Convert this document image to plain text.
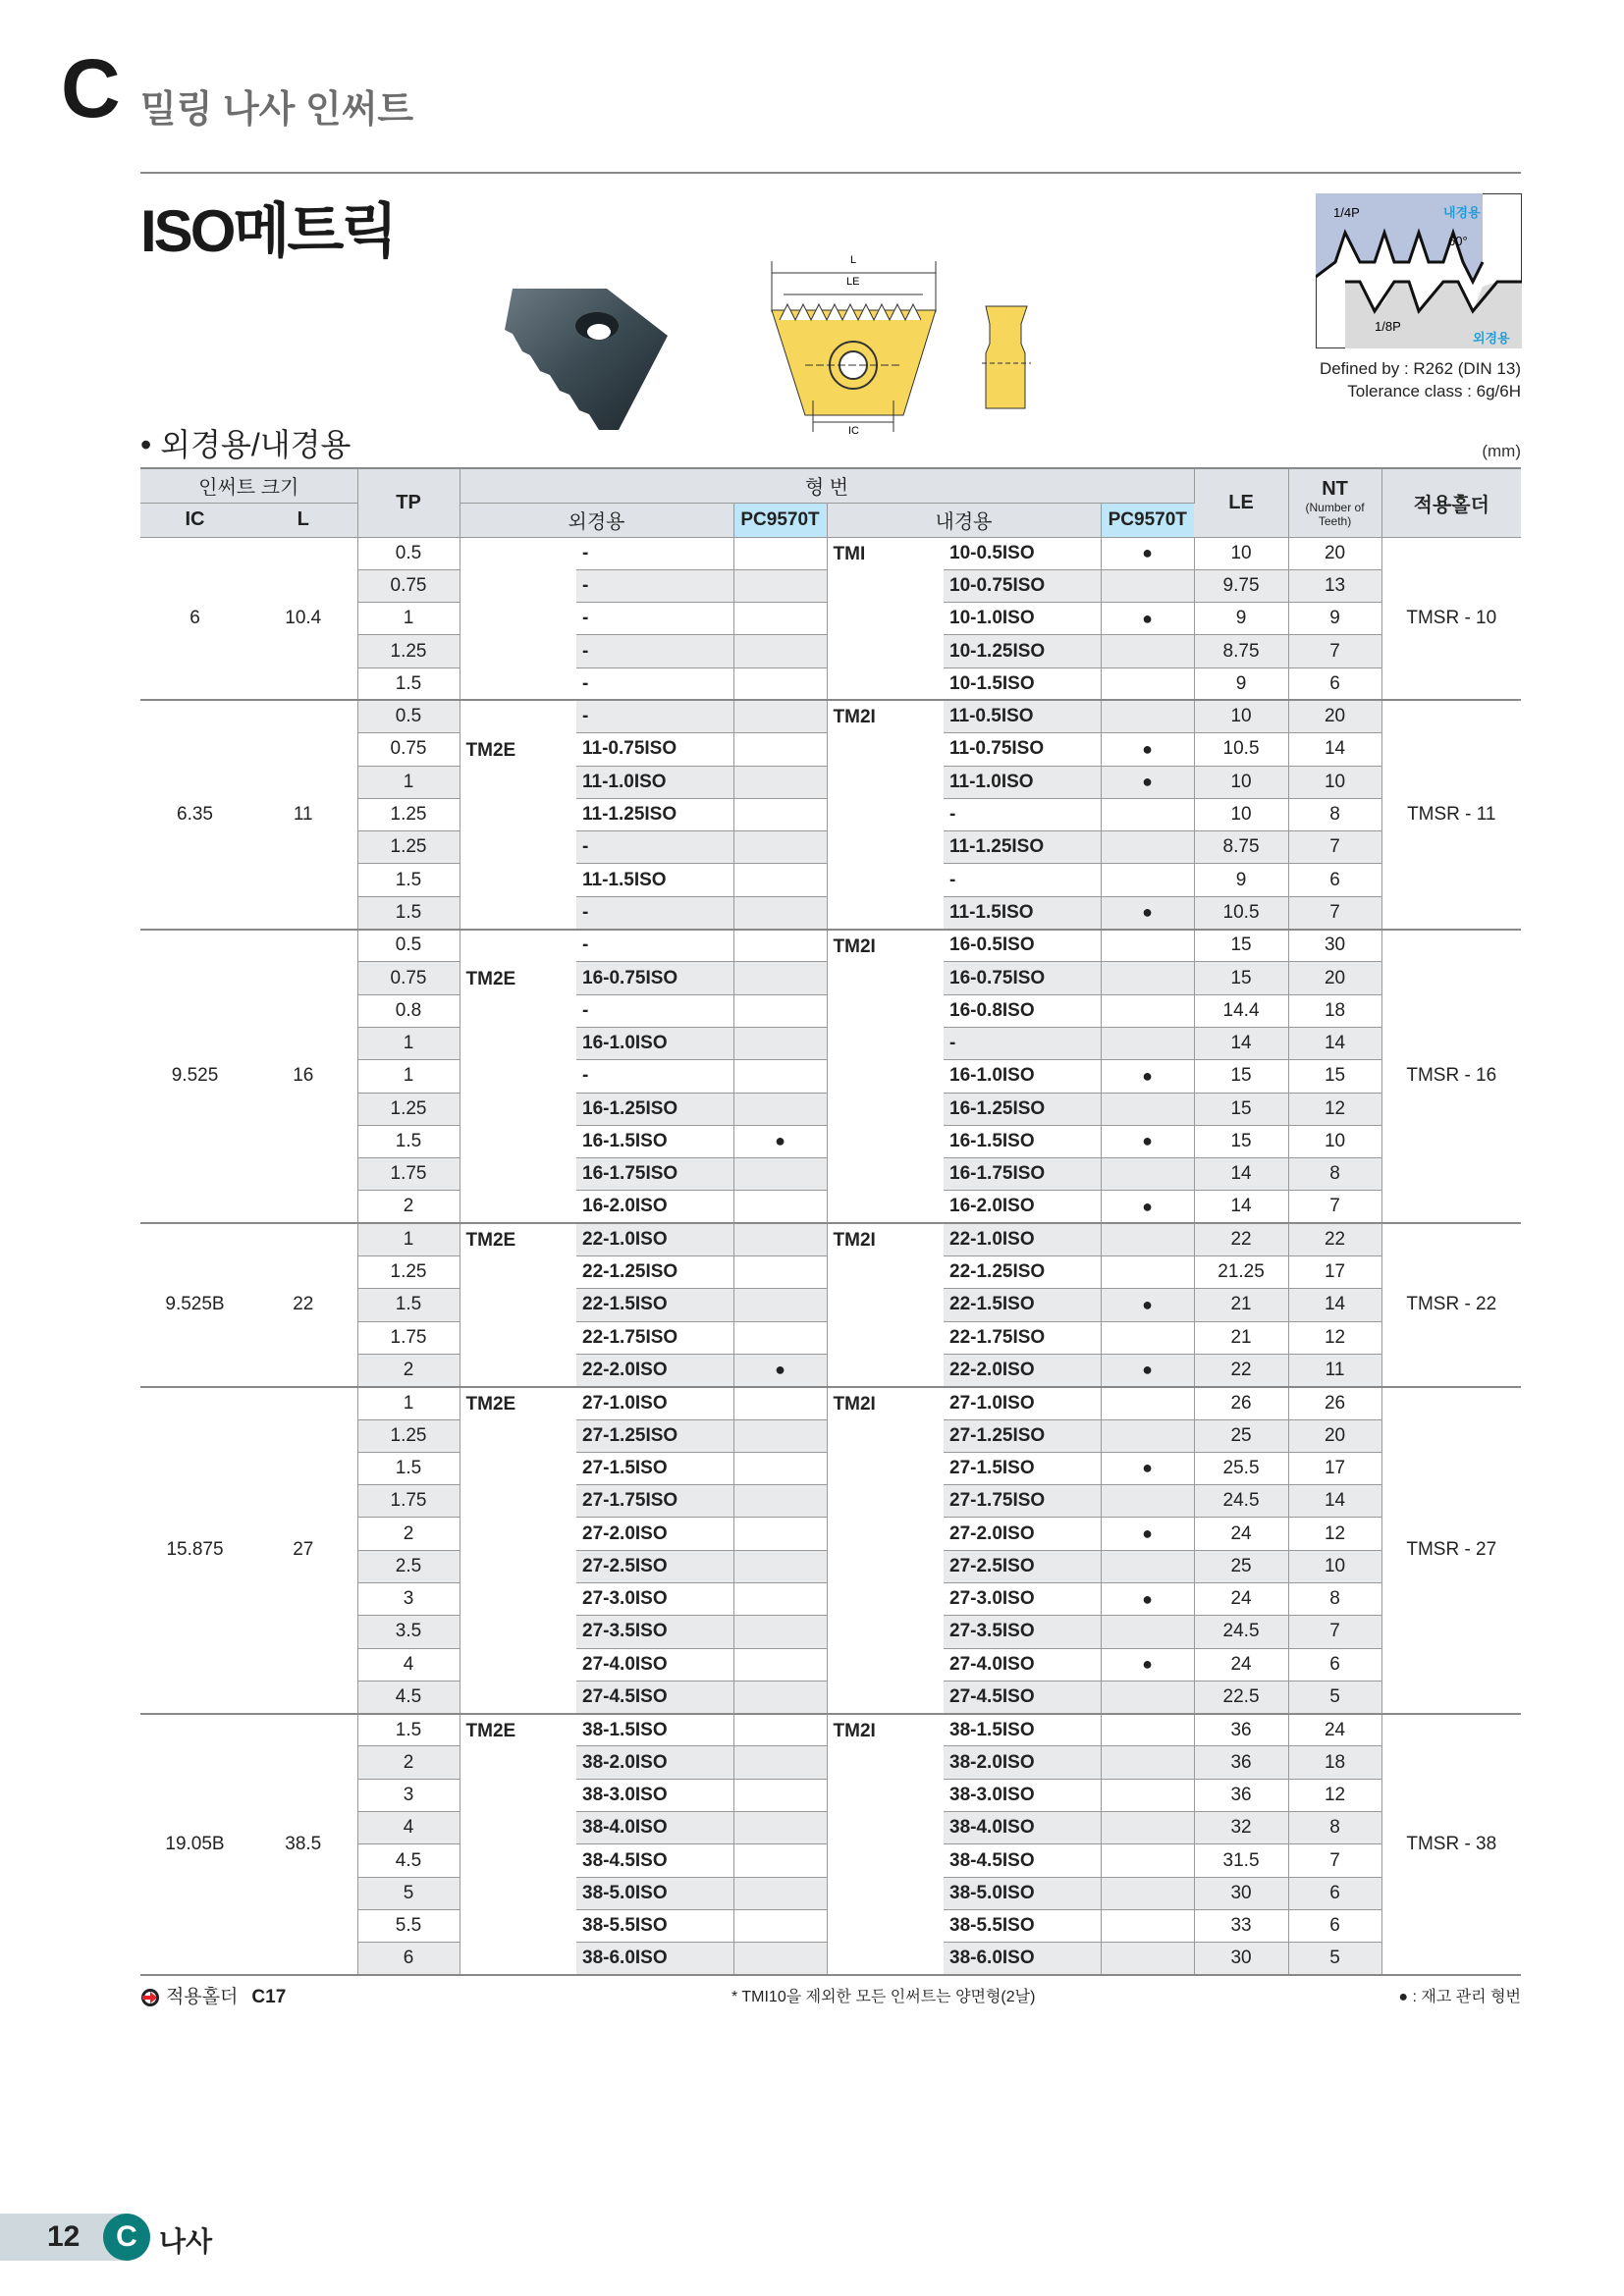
C 밀링 나사 인써트
ISO메트릭	L
LE
IC
1/4P	내경용
60°
1/8P
외경용
Defined by : R262 (DIN 13)
Tolerance class : 6g/6H
• 외경용/내경용	(mm)
인써트 크기		TP	형 번						LE	NT
(Number of Teeth)	적용홀더
IC	L		외경용		PC9570T	내경용		PC9570T			
6	10.4	0.5		-		TMI	10-0.5ISO	●	10	20	TMSR - 10
		0.75		-			10-0.75ISO		9.75	13	
		1		-			10-1.0ISO	●	9	9	
		1.25		-			10-1.25ISO		8.75	7	
		1.5		-			10-1.5ISO		9	6	
6.35	11	0.5	TM2E	-		TM2I	11-0.5ISO		10	20	TMSR - 11
		0.75		11-0.75ISO			11-0.75ISO	●	10.5	14	
		1		11-1.0ISO			11-1.0ISO	●	10	10	
		1.25		11-1.25ISO			-		10	8	
		1.25		-			11-1.25ISO		8.75	7	
		1.5		11-1.5ISO			-		9	6	
		1.5		-			11-1.5ISO	●	10.5	7	
9.525	16	0.5	TM2E	-		TM2I	16-0.5ISO		15	30	TMSR - 16
		0.75		16-0.75ISO			16-0.75ISO		15	20	
		0.8		-			16-0.8ISO		14.4	18	
		1		16-1.0ISO			-		14	14	
		1		-			16-1.0ISO	●	15	15	
		1.25		16-1.25ISO			16-1.25ISO		15	12	
		1.5		16-1.5ISO	●		16-1.5ISO	●	15	10	
		1.75		16-1.75ISO			16-1.75ISO		14	8	
		2		16-2.0ISO			16-2.0ISO	●	14	7	
9.525B	22	1	TM2E	22-1.0ISO		TM2I	22-1.0ISO		22	22	TMSR - 22
		1.25		22-1.25ISO			22-1.25ISO		21.25	17	
		1.5		22-1.5ISO			22-1.5ISO	●	21	14	
		1.75		22-1.75ISO			22-1.75ISO		21	12	
		2		22-2.0ISO	●		22-2.0ISO	●	22	11	
15.875	27	1	TM2E	27-1.0ISO		TM2I	27-1.0ISO		26	26	TMSR - 27
		1.25		27-1.25ISO			27-1.25ISO		25	20	
		1.5		27-1.5ISO			27-1.5ISO	●	25.5	17	
		1.75		27-1.75ISO			27-1.75ISO		24.5	14	
		2		27-2.0ISO			27-2.0ISO	●	24	12	
		2.5		27-2.5ISO			27-2.5ISO		25	10	
		3		27-3.0ISO			27-3.0ISO	●	24	8	
		3.5		27-3.5ISO			27-3.5ISO		24.5	7	
		4		27-4.0ISO			27-4.0ISO	●	24	6	
		4.5		27-4.5ISO			27-4.5ISO		22.5	5	
19.05B	38.5	1.5	TM2E	38-1.5ISO		TM2I	38-1.5ISO		36	24	TMSR - 38
		2		38-2.0ISO			38-2.0ISO		36	18	
		3		38-3.0ISO			38-3.0ISO		36	12	
		4		38-4.0ISO			38-4.0ISO		32	8	
		4.5		38-4.5ISO			38-4.5ISO		31.5	7	
		5		38-5.0ISO			38-5.0ISO		30	6	
		5.5		38-5.5ISO			38-5.5ISO		33	6	
		6		38-6.0ISO			38-6.0ISO		30	5	
적용홀더 C17	* TMI10을 제외한 모든 인써트는 양면형(2날)	● : 재고 관리 형번
12	C 나사
